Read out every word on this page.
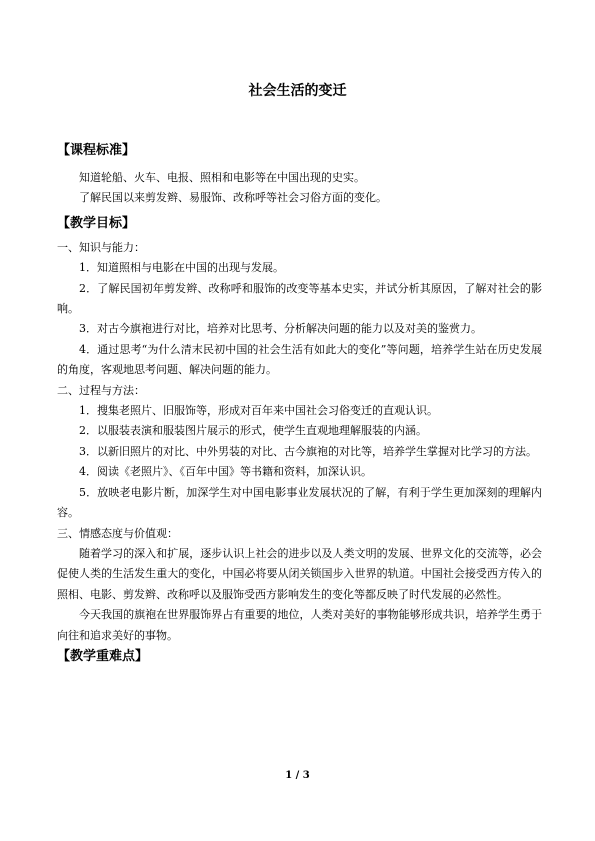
社会生活的变迁
【课程标准】

知道轮船、火车、电报、照相和电影等在中国出现的史实。

了解民国以来剪发辫、易服饰、改称呼等社会习俗方面的变化。

【教学目标】

一、知识与能力：

1．知道照相与电影在中国的出现与发展。

2．了解民国初年剪发辫、改称呼和服饰的改变等基本史实，并试分析其原因，了解对社会的影响。

3．对古今旗袍进行对比，培养对比思考、分析解决问题的能力以及对美的鉴赏力。

4．通过思考“为什么清末民初中国的社会生活有如此大的变化”等问题，培养学生站在历史发展的角度，客观地思考问题、解决问题的能力。

二、过程与方法：

1．搜集老照片、旧服饰等，形成对百年来中国社会习俗变迁的直观认识。

2．以服装表演和服装图片展示的形式，使学生直观地理解服装的内涵。

3．以新旧照片的对比、中外男装的对比、古今旗袍的对比等，培养学生掌握对比学习的方法。

4．阅读《老照片》、《百年中国》等书籍和资料，加深认识。

5．放映老电影片断，加深学生对中国电影事业发展状况的了解，有利于学生更加深刻的理解内容。

三、情感态度与价值观：

随着学习的深入和扩展，逐步认识上社会的进步以及人类文明的发展、世界文化的交流等，必会促使人类的生活发生重大的变化，中国必将要从闭关锁国步入世界的轨道。中国社会接受西方传入的照相、电影、剪发辫、改称呼以及服饰受西方影响发生的变化等都反映了时代发展的必然性。

今天我国的旗袍在世界服饰界占有重要的地位，人类对美好的事物能够形成共识，培养学生勇于向往和追求美好的事物。

【教学重难点】
1 / 3
